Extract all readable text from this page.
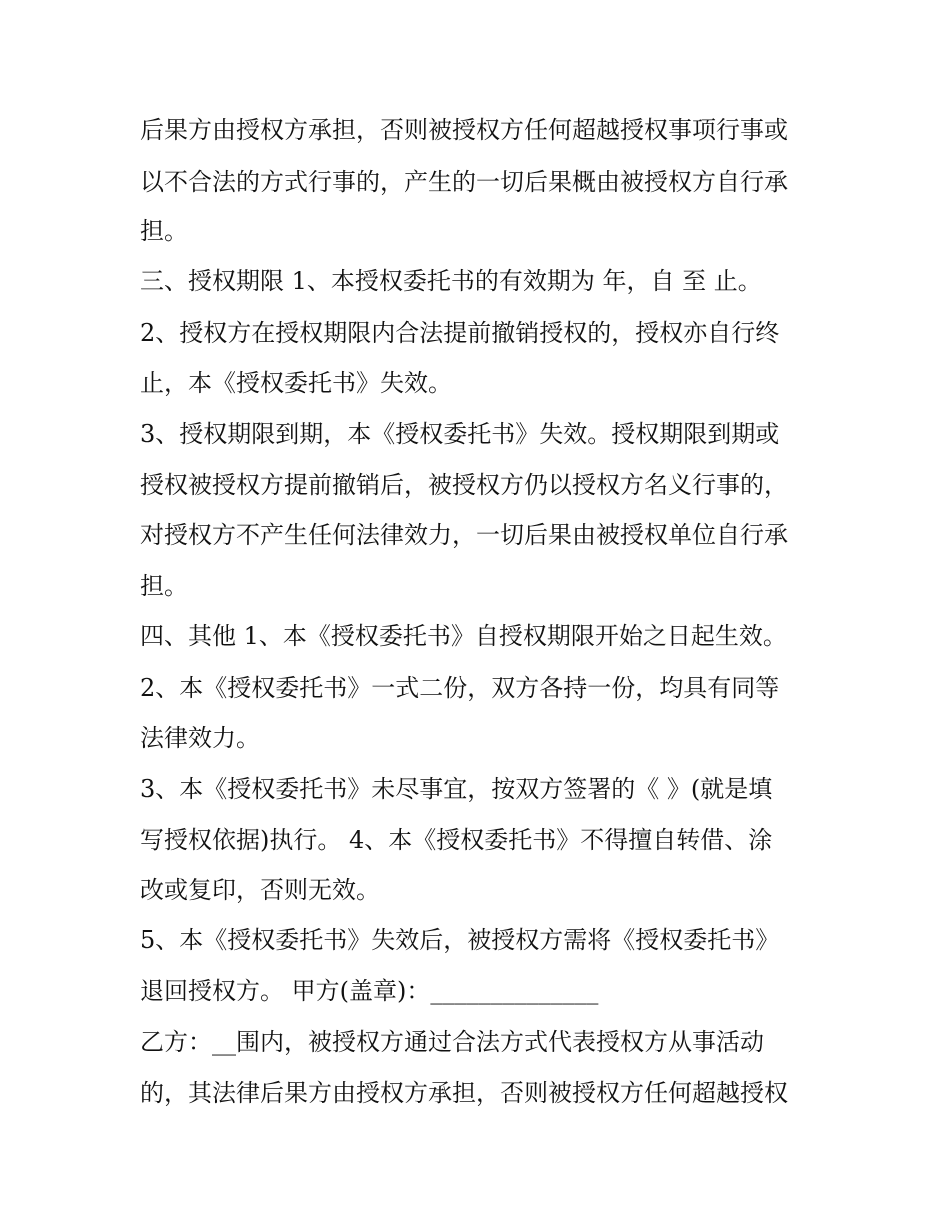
后果方由授权方承担，否则被授权方任何超越授权事项行事或
以不合法的方式行事的，产生的一切后果概由被授权方自行承
担。
三、授权期限 1、本授权委托书的有效期为 年，自 至 止。
2、授权方在授权期限内合法提前撤销授权的，授权亦自行终
止，本《授权委托书》失效。
3、授权期限到期，本《授权委托书》失效。授权期限到期或
授权被授权方提前撤销后，被授权方仍以授权方名义行事的，
对授权方不产生任何法律效力，一切后果由被授权单位自行承
担。
四、其他 1、本《授权委托书》自授权期限开始之日起生效。
2、本《授权委托书》一式二份，双方各持一份，均具有同等
法律效力。
3、本《授权委托书》未尽事宜，按双方签署的《 》(就是填
写授权依据)执行。 4、本《授权委托书》不得擅自转借、涂
改或复印，否则无效。
5、本《授权委托书》失效后，被授权方需将《授权委托书》
退回授权方。 甲方(盖章)：______________
乙方：__围内，被授权方通过合法方式代表授权方从事活动
的，其法律后果方由授权方承担，否则被授权方任何超越授权
